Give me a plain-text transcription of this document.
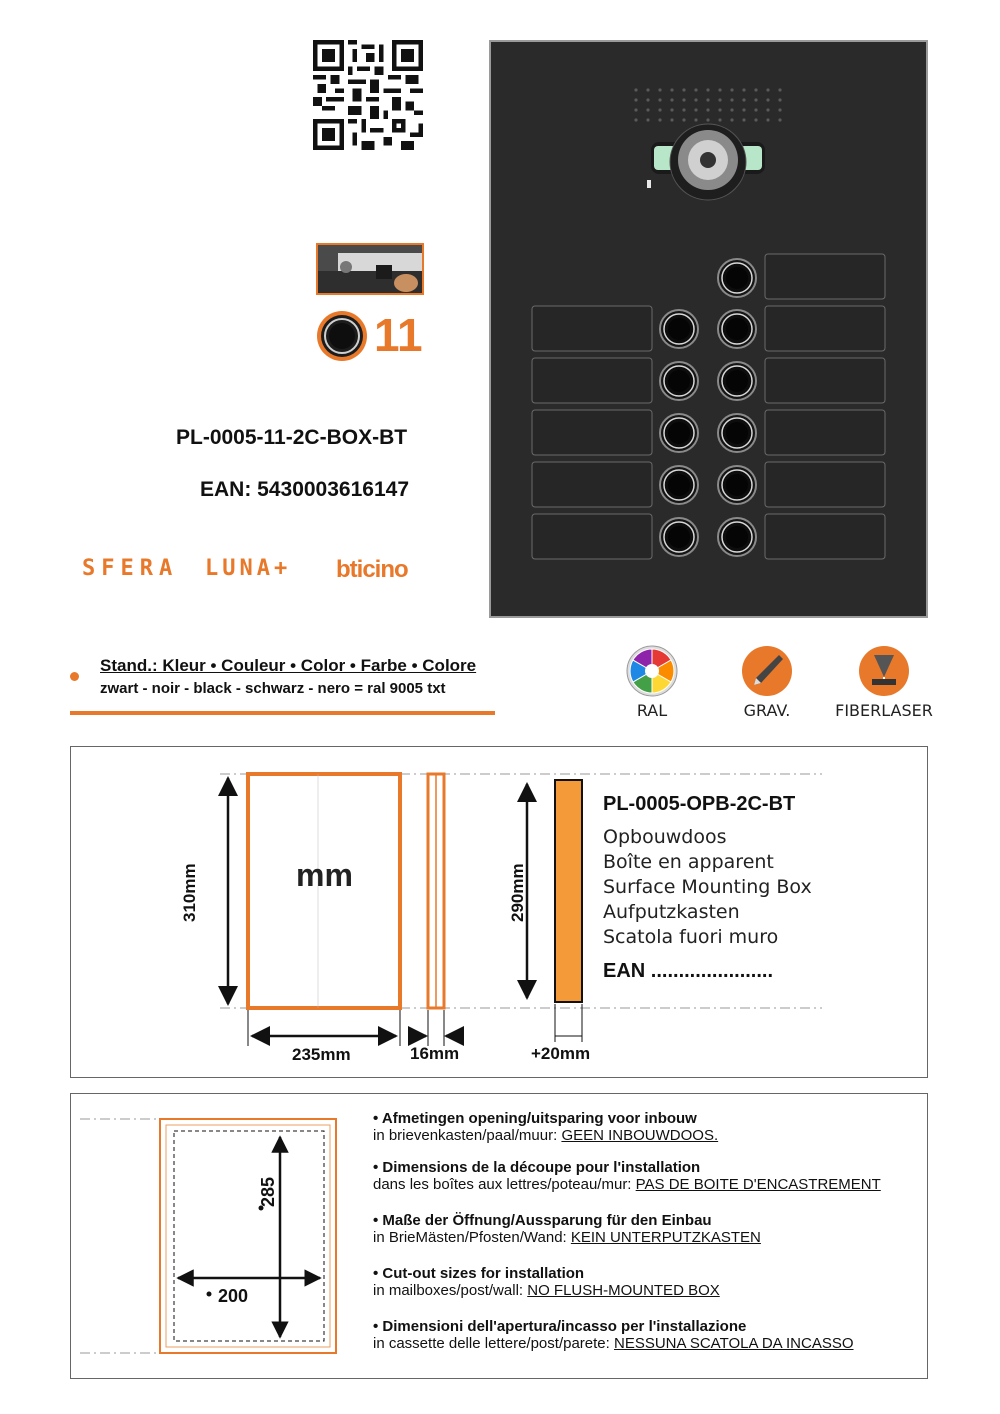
11
PL-0005-11-2C-BOX-BT
EAN: 5430003616147
SFERA LUNA+ bticino
Stand.: Kleur • Couleur • Color • Farbe • Colore
zwart - noir - black - schwarz - nero = ral 9005 txt
RAL	GRAV.	FIBERLASER
mm
310mm	290mm
235mm	16mm	+20mm
PL-0005-OPB-2C-BT
Opbouwdoos
Boîte en apparent
Surface Mounting Box
Aufputzkasten
Scatola fuori muro
EAN ......................
285
200
• Afmetingen opening/uitsparing voor inbouw
in brievenkasten/paal/muur: GEEN INBOUWDOOS.
• Dimensions de la découpe pour l'installation
dans les boîtes aux lettres/poteau/mur: PAS DE BOITE D'ENCASTREMENT
• Maße der Öffnung/Aussparung für den Einbau
in BrieMästen/Pfosten/Wand: KEIN UNTERPUTZKASTEN
• Cut-out sizes for installation
in mailboxes/post/wall: NO FLUSH-MOUNTED BOX
• Dimensioni dell'apertura/incasso per l'installazione
in cassette delle lettere/post/parete: NESSUNA SCATOLA DA INCASSO
